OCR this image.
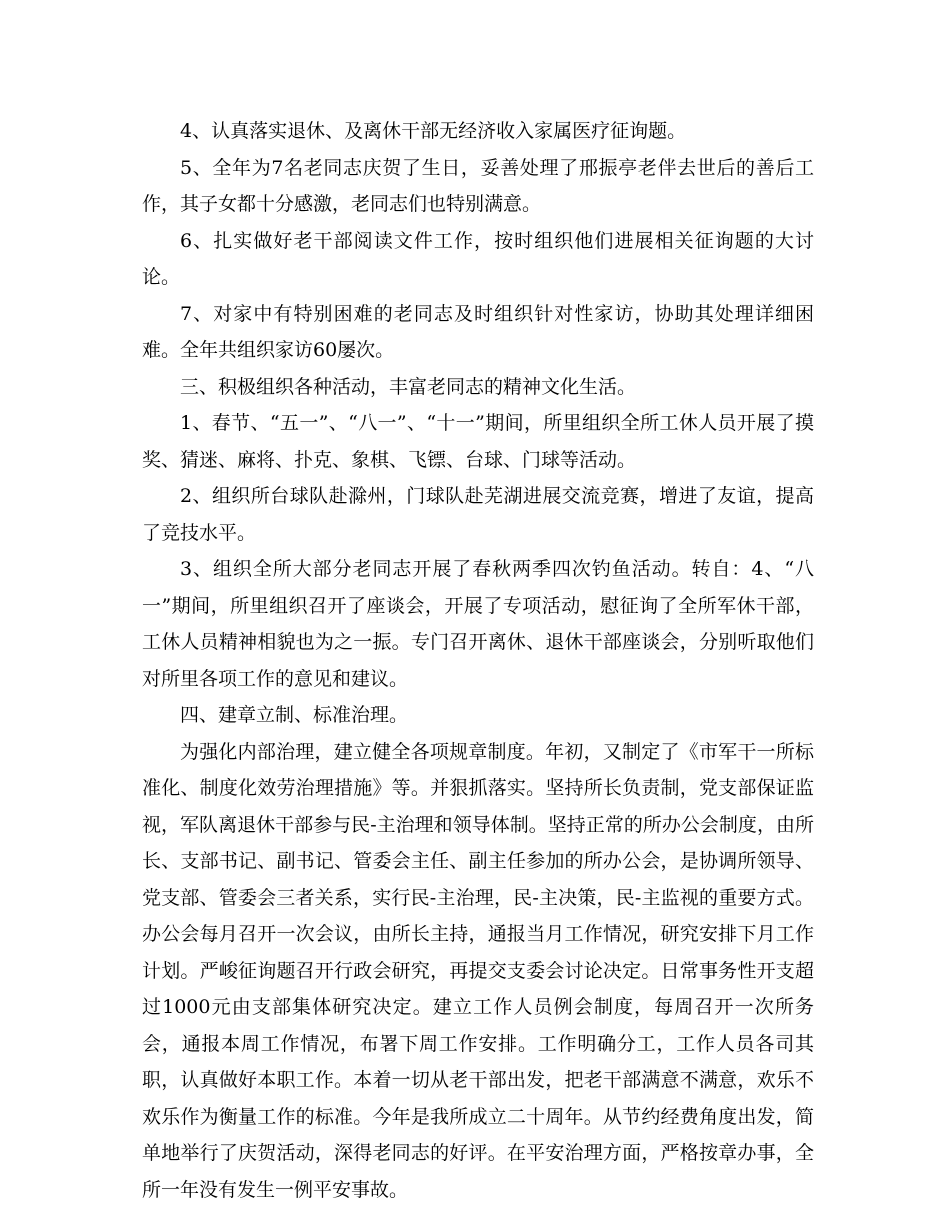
4、认真落实退休、及离休干部无经济收入家属医疗征询题。

5、全年为7名老同志庆贺了生日，妥善处理了邢振亭老伴去世后的善后工作，其子女都十分感激，老同志们也特别满意。

6、扎实做好老干部阅读文件工作，按时组织他们进展相关征询题的大讨论。

7、对家中有特别困难的老同志及时组织针对性家访，协助其处理详细困难。全年共组织家访60屡次。

三、积极组织各种活动，丰富老同志的精神文化生活。

1、春节、“五一”、“八一”、“十一”期间，所里组织全所工休人员开展了摸奖、猜迷、麻将、扑克、象棋、飞镖、台球、门球等活动。

2、组织所台球队赴滁州，门球队赴芜湖进展交流竞赛，增进了友谊，提高了竞技水平。

3、组织全所大部分老同志开展了春秋两季四次钓鱼活动。转自：4、“八一”期间，所里组织召开了座谈会，开展了专项活动，慰征询了全所军休干部，工休人员精神相貌也为之一振。专门召开离休、退休干部座谈会，分别听取他们对所里各项工作的意见和建议。

四、建章立制、标准治理。

为强化内部治理，建立健全各项规章制度。年初，又制定了《市军干一所标准化、制度化效劳治理措施》等。并狠抓落实。坚持所长负责制，党支部保证监视，军队离退休干部参与民-主治理和领导体制。坚持正常的所办公会制度，由所长、支部书记、副书记、管委会主任、副主任参加的所办公会，是协调所领导、党支部、管委会三者关系，实行民-主治理，民-主决策，民-主监视的重要方式。办公会每月召开一次会议，由所长主持，通报当月工作情况，研究安排下月工作计划。严峻征询题召开行政会研究，再提交支委会讨论决定。日常事务性开支超过1000元由支部集体研究决定。建立工作人员例会制度，每周召开一次所务会，通报本周工作情况，布署下周工作安排。工作明确分工，工作人员各司其职，认真做好本职工作。本着一切从老干部出发，把老干部满意不满意，欢乐不欢乐作为衡量工作的标准。今年是我所成立二十周年。从节约经费角度出发，简单地举行了庆贺活动，深得老同志的好评。在平安治理方面，严格按章办事，全所一年没有发生一例平安事故。
